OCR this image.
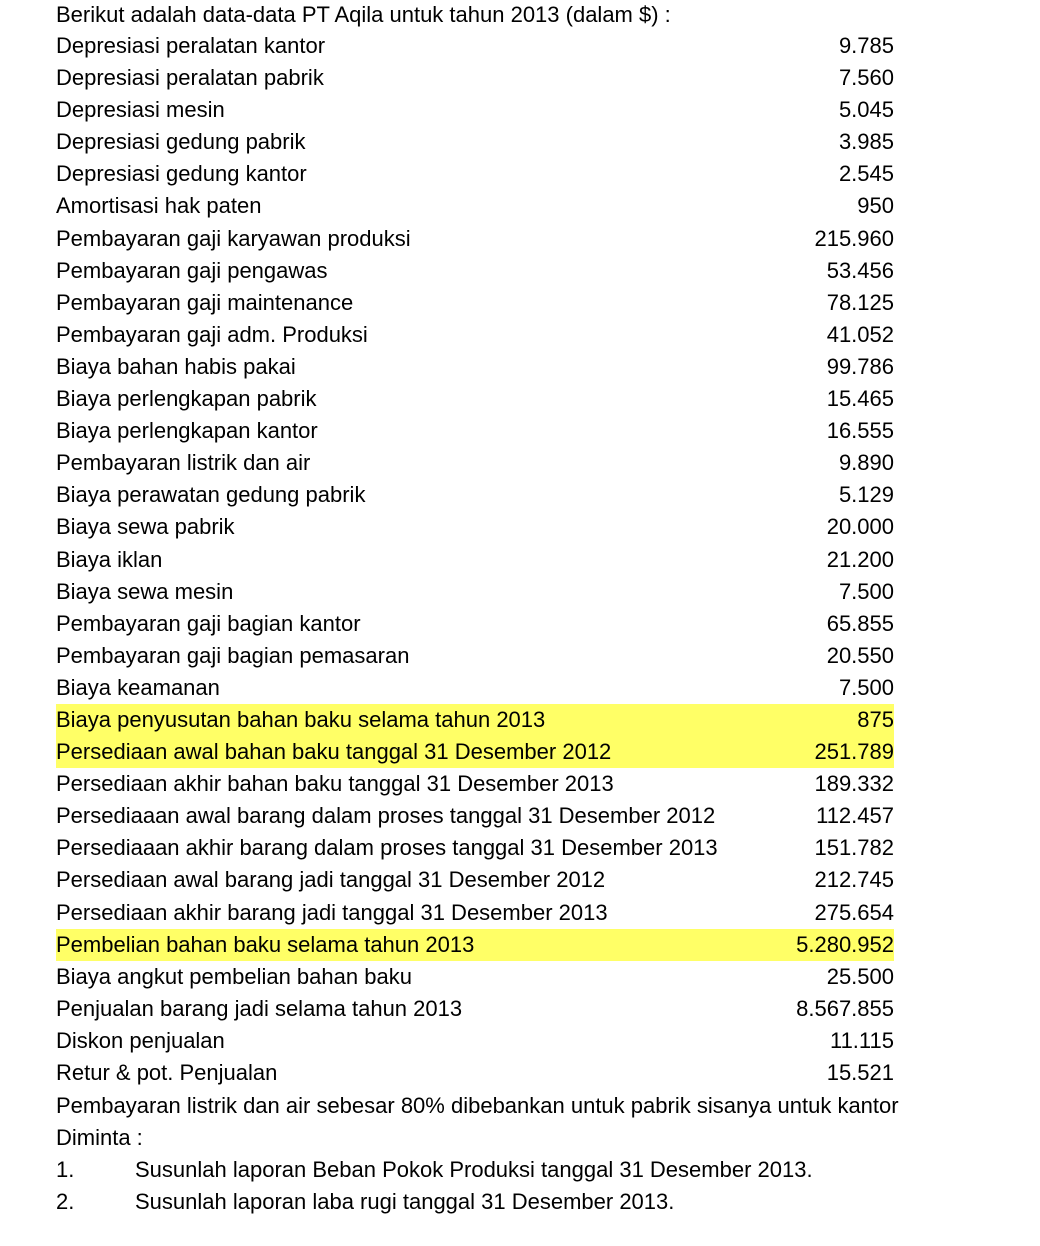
Berikut adalah data-data PT Aqila untuk tahun 2013 (dalam $) :
Depresiasi peralatan kantor	9.785
Depresiasi peralatan pabrik	7.560
Depresiasi mesin	5.045
Depresiasi gedung pabrik	3.985
Depresiasi gedung kantor	2.545
Amortisasi hak paten	950
Pembayaran gaji karyawan produksi	215.960
Pembayaran gaji pengawas	53.456
Pembayaran gaji maintenance	78.125
Pembayaran gaji adm. Produksi	41.052
Biaya bahan habis pakai	99.786
Biaya perlengkapan pabrik	15.465
Biaya perlengkapan kantor	16.555
Pembayaran listrik dan air	9.890
Biaya perawatan gedung pabrik	5.129
Biaya sewa pabrik	20.000
Biaya iklan	21.200
Biaya sewa mesin	7.500
Pembayaran gaji bagian kantor	65.855
Pembayaran gaji bagian pemasaran	20.550
Biaya keamanan	7.500
Biaya penyusutan bahan baku selama tahun 2013	875
Persediaan awal bahan baku tanggal 31 Desember 2012	251.789
Persediaan akhir bahan baku tanggal 31 Desember 2013	189.332
Persediaaan awal barang dalam proses tanggal 31 Desember 2012	112.457
Persediaaan akhir barang dalam proses tanggal 31 Desember 2013	151.782
Persediaan awal barang jadi tanggal 31 Desember 2012	212.745
Persediaan akhir barang jadi tanggal 31 Desember 2013	275.654
Pembelian bahan baku selama tahun 2013	5.280.952
Biaya angkut pembelian bahan baku	25.500
Penjualan barang jadi selama tahun 2013	8.567.855
Diskon penjualan	11.115
Retur & pot. Penjualan	15.521
Pembayaran listrik dan air sebesar 80% dibebankan untuk pabrik sisanya untuk kantor
Diminta :
1.	Susunlah laporan Beban Pokok Produksi tanggal 31 Desember 2013.
2.	Susunlah laporan laba rugi tanggal 31 Desember 2013.
